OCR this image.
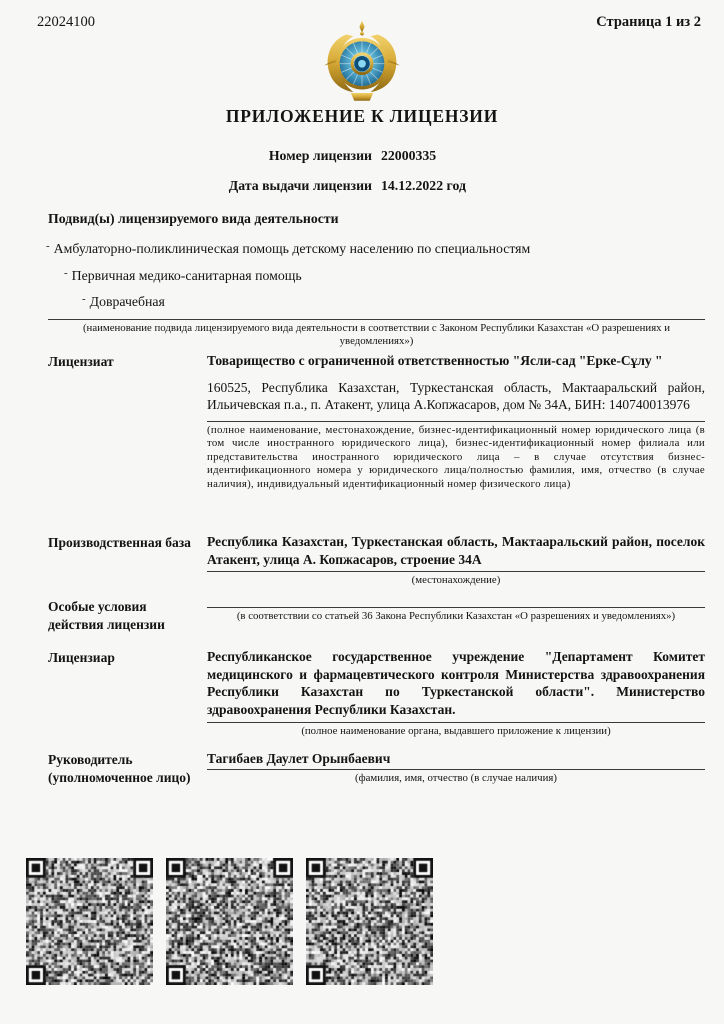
22024100	Страница 1 из 2
ПРИЛОЖЕНИЕ К ЛИЦЕНЗИИ
Номер лицензии 22000335
Дата выдачи лицензии 14.12.2022 год
Подвид(ы) лицензируемого вида деятельности
- Амбулаторно-поликлиническая помощь детскому населению по специальностям
- Первичная медико-санитарная помощь
- Доврачебная
(наименование подвида лицензируемого вида деятельности в соответствии с Законом Республики Казахстан «О разрешениях и уведомлениях»)
Лицензиат	Товарищество с ограниченной ответственностью "Ясли-сад "Ерке-Сұлу "
160525, Республика Казахстан, Туркестанская область, Мактааральский район, Ильичевская п.а., п. Атакент, улица А.Копжасаров, дом № 34А, БИН: 140740013976
(полное наименование, местонахождение, бизнес-идентификационный номер юридического лица (в том числе иностранного юридического лица), бизнес-идентификационный номер филиала или представительства иностранного юридического лица – в случае отсутствия бизнес-идентификационного номера у юридического лица/полностью фамилия, имя, отчество (в случае наличия), индивидуальный идентификационный номер физического лица)
Производственная база	Республика Казахстан, Туркестанская область, Мактааральский район, поселок Атакент, улица А. Копжасаров, строение 34А
(местонахождение)
Особые условия действия лицензии
(в соответствии со статьей 36 Закона Республики Казахстан «О разрешениях и уведомлениях»)
Лицензиар	Республиканское государственное учреждение "Департамент Комитет медицинского и фармацевтического контроля Министерства здравоохранения Республики Казахстан по Туркестанской области". Министерство здравоохранения Республики Казахстан.
(полное наименование органа, выдавшего приложение к лицензии)
Руководитель (уполномоченное лицо)
Тагибаев Даулет Орынбаевич
(фамилия, имя, отчество (в случае наличия)
